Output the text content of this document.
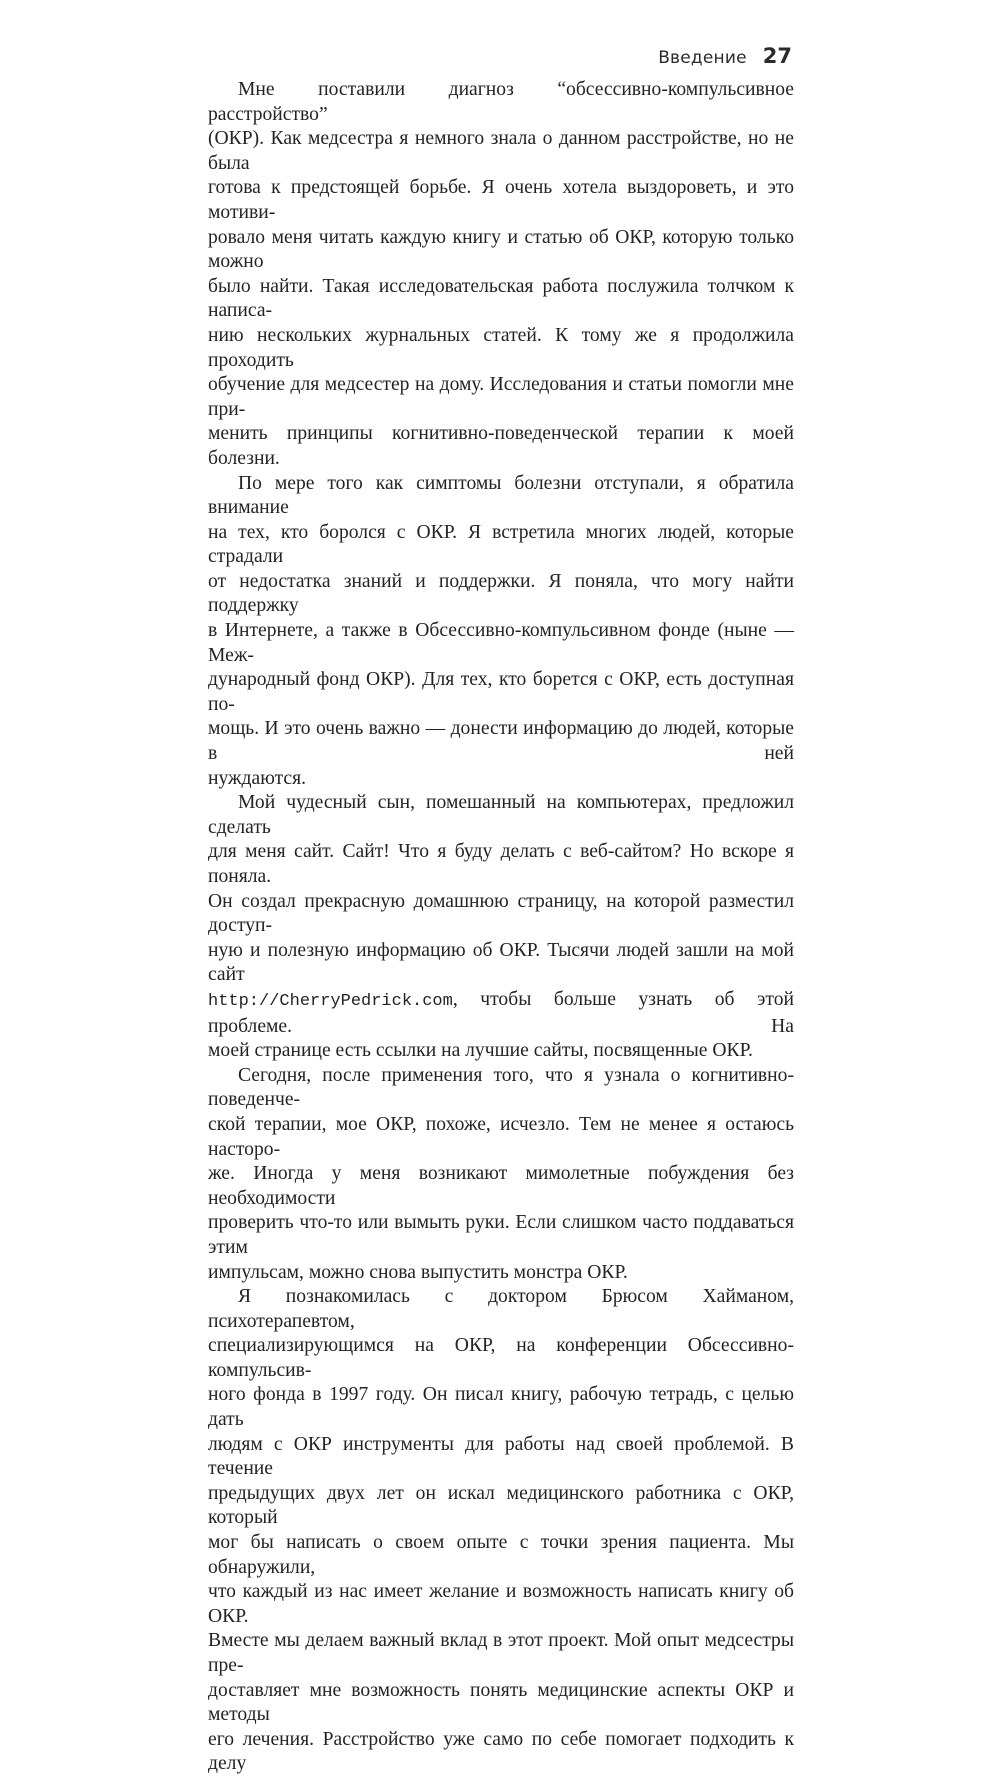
Введение 27

Мне поставили диагноз “обсессивно-компульсивное расстройство”
(ОКР). Как медсестра я немного знала о данном расстройстве, но не была
готова к предстоящей борьбе. Я очень хотела выздороветь, и это мотиви-
ровало меня читать каждую книгу и статью об ОКР, которую только можно
было найти. Такая исследовательская работа послужила толчком к написа-
нию нескольких журнальных статей. К тому же я продолжила проходить
обучение для медсестер на дому. Исследования и статьи помогли мне при-
менить принципы когнитивно-поведенческой терапии к моей болезни.

По мере того как симптомы болезни отступали, я обратила внимание
на тех, кто боролся с ОКР. Я встретила многих людей, которые страдали
от недостатка знаний и поддержки. Я поняла, что могу найти поддержку
в Интернете, а также в Обсессивно-компульсивном фонде (ныне — Меж-
дународный фонд ОКР). Для тех, кто борется с ОКР, есть доступная по-
мощь. И это очень важно — донести информацию до людей, которые в ней
нуждаются.

Мой чудесный сын, помешанный на компьютерах, предложил сделать
для меня сайт. Сайт! Что я буду делать с веб-сайтом? Но вскоре я поняла.
Он создал прекрасную домашнюю страницу, на которой разместил доступ-
ную и полезную информацию об ОКР. Тысячи людей зашли на мой сайт
http://CherryPedrick.com, чтобы больше узнать об этой проблеме. На
моей странице есть ссылки на лучшие сайты, посвященные ОКР.

Сегодня, после применения того, что я узнала о когнитивно-поведенче-
ской терапии, мое ОКР, похоже, исчезло. Тем не менее я остаюсь насторо-
же. Иногда у меня возникают мимолетные побуждения без необходимости
проверить что-то или вымыть руки. Если слишком часто поддаваться этим
импульсам, можно снова выпустить монстра ОКР.

Я познакомилась с доктором Брюсом Хайманом, психотерапевтом,
специализирующимся на ОКР, на конференции Обсессивно-компульсив-
ного фонда в 1997 году. Он писал книгу, рабочую тетрадь, с целью дать
людям с ОКР инструменты для работы над своей проблемой. В течение
предыдущих двух лет он искал медицинского работника с ОКР, который
мог бы написать о своем опыте с точки зрения пациента. Мы обнаружили,
что каждый из нас имеет желание и возможность написать книгу об ОКР.
Вместе мы делаем важный вклад в этот проект. Мой опыт медсестры пре-
доставляет мне возможность понять медицинские аспекты ОКР и методы
его лечения. Расстройство уже само по себе помогает подходить к делу
